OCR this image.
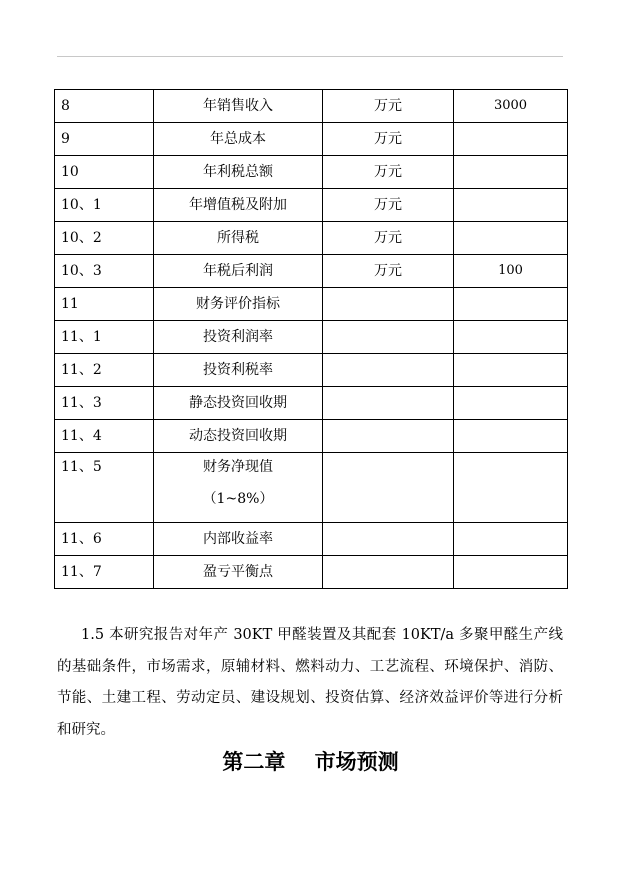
8	年销售收入	万元	3000
9	年总成本	万元	
10	年利税总额	万元	
10、1	年增值税及附加	万元	
10、2	所得税	万元	
10、3	年税后利润	万元	100
11	财务评价指标		
11、1	投资利润率		
11、2	投资利税率		
11、3	静态投资回收期		
11、4	动态投资回收期		
11、5	财务净现值
（1~8%）		

11、6	内部收益率		
11、7	盈亏平衡点		

1.5 本研究报告对年产 30KT 甲醛装置及其配套 10KT/a 多聚甲醛生产线的基础条件，市场需求，原辅材料、燃料动力、工艺流程、环境保护、消防、节能、土建工程、劳动定员、建设规划、投资估算、经济效益评价等进行分析和研究。

第二章 市场预测
